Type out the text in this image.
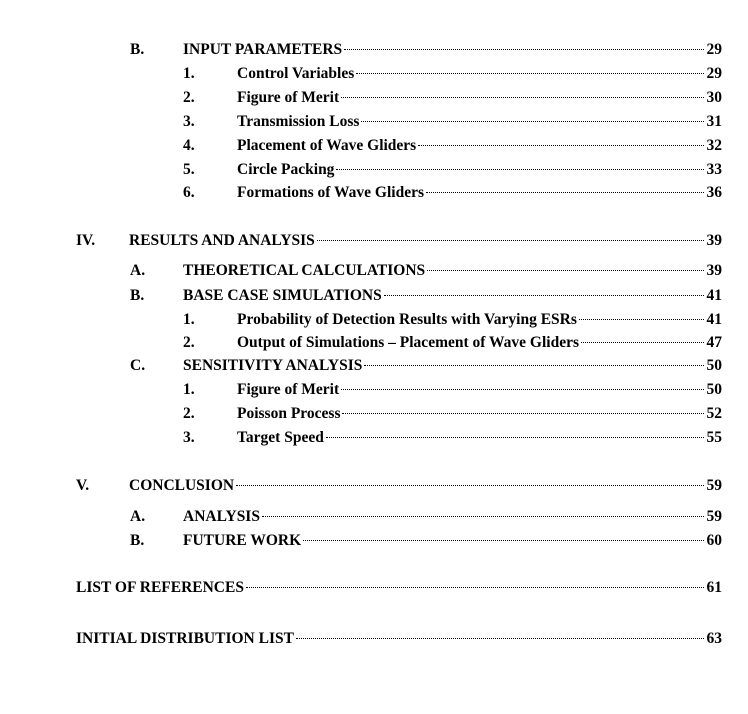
B.	INPUT PARAMETERS	29
1.	Control Variables	29
2.	Figure of Merit	30
3.	Transmission Loss	31
4.	Placement of Wave Gliders	32
5.	Circle Packing	33
6.	Formations of Wave Gliders	36
IV. RESULTS AND ANALYSIS	39
A. THEORETICAL CALCULATIONS	39
B.	BASE CASE SIMULATIONS	41
1.	Probability of Detection Results with Varying ESRs	41
2.	Output of Simulations – Placement of Wave Gliders	47
C. SENSITIVITY ANALYSIS	50
1.	Figure of Merit	50
2.	Poisson Process	52
3.	Target Speed	55
V.	CONCLUSION	59
A. ANALYSIS	59
B.	FUTURE WORK	60
LIST OF REFERENCES	61
INITIAL DISTRIBUTION LIST	63
